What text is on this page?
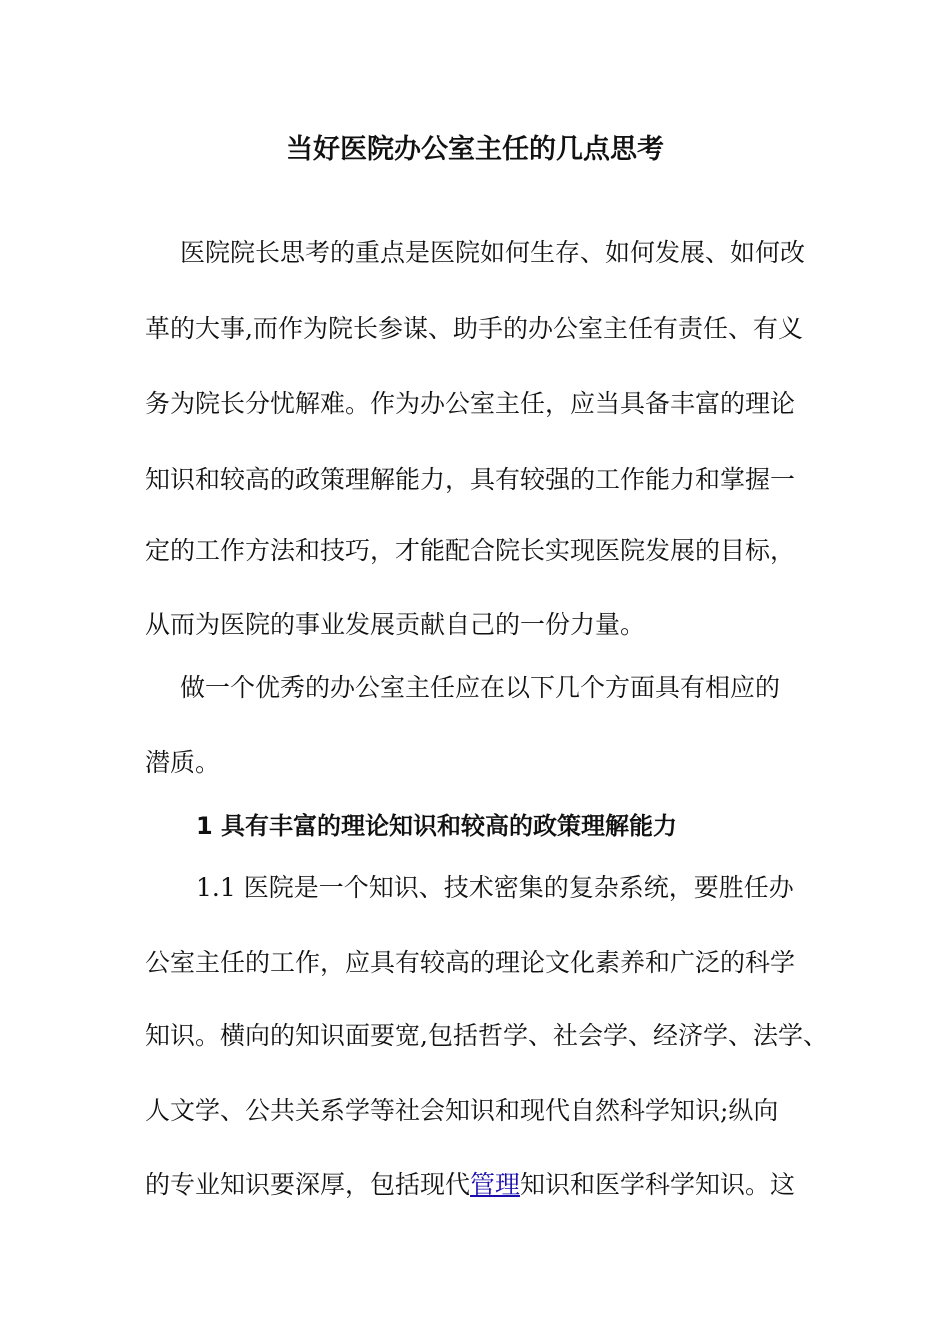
当好医院办公室主任的几点思考

医院院长思考的重点是医院如何生存、如何发展、如何改

革的大事,而作为院长参谋、助手的办公室主任有责任、有义

务为院长分忧解难。作为办公室主任，应当具备丰富的理论

知识和较高的政策理解能力，具有较强的工作能力和掌握一

定的工作方法和技巧，才能配合院长实现医院发展的目标，

从而为医院的事业发展贡献自己的一份力量。

做一个优秀的办公室主任应在以下几个方面具有相应的

潜质。

1 具有丰富的理论知识和较高的政策理解能力

1.1 医院是一个知识、技术密集的复杂系统，要胜任办

公室主任的工作，应具有较高的理论文化素养和广泛的科学

知识。横向的知识面要宽,包括哲学、社会学、经济学、法学、

人文学、公共关系学等社会知识和现代自然科学知识;纵向

的专业知识要深厚，包括现代管理知识和医学科学知识。这
